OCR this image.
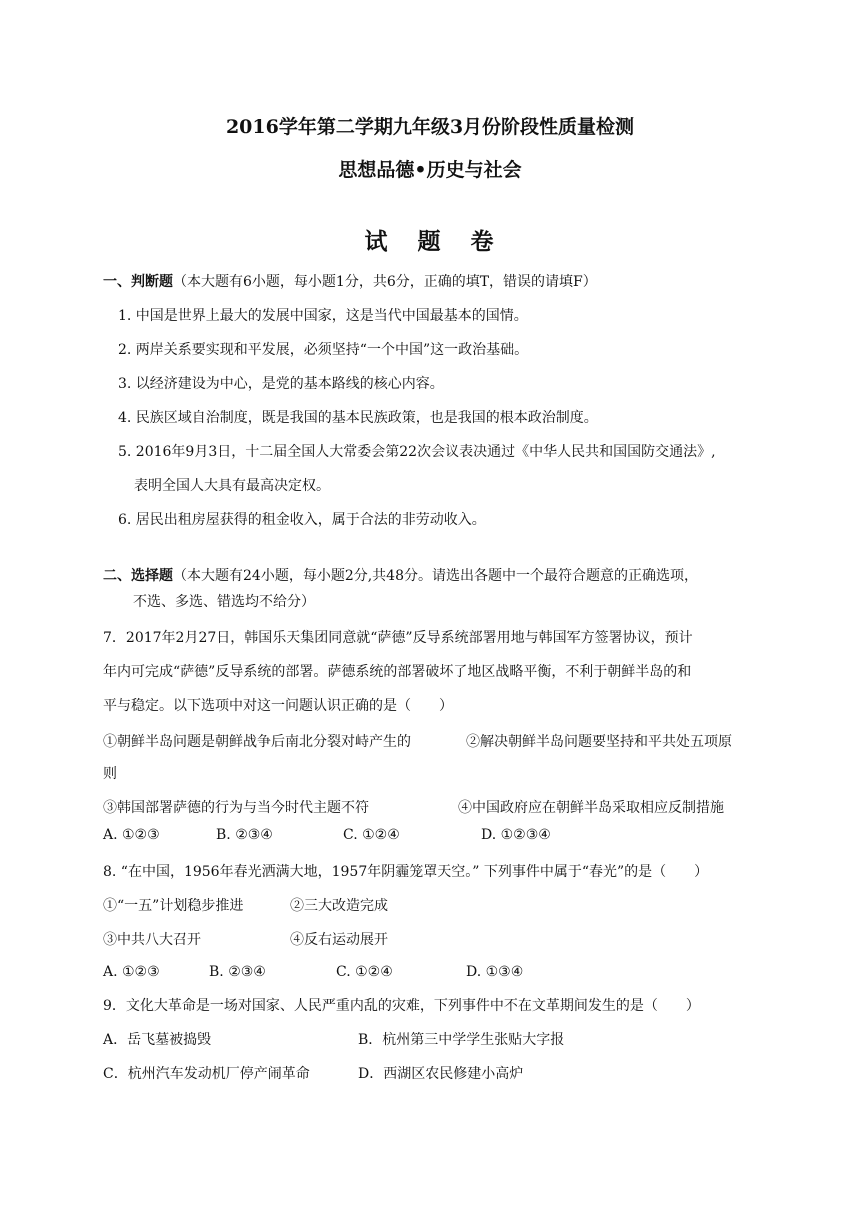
2016学年第二学期九年级3月份阶段性质量检测
思想品德•历史与社会
试 题 卷
一、判断题（本大题有6小题，每小题1分，共6分，正确的填T，错误的请填F）
1. 中国是世界上最大的发展中国家，这是当代中国最基本的国情。
2. 两岸关系要实现和平发展，必须坚持“一个中国”这一政治基础。
3. 以经济建设为中心，是党的基本路线的核心内容。
4. 民族区域自治制度，既是我国的基本民族政策，也是我国的根本政治制度。
5. 2016年9月3日，十二届全国人大常委会第22次会议表决通过《中华人民共和国国防交通法》,
表明全国人大具有最高决定权。
6. 居民出租房屋获得的租金收入，属于合法的非劳动收入。
二、选择题（本大题有24小题，每小题2分,共48分。请选出各题中一个最符合题意的正确选项，
不选、多选、错选均不给分）
7．2017年2月27日，韩国乐天集团同意就“萨德”反导系统部署用地与韩国军方签署协议，预计
年内可完成“萨德”反导系统的部署。萨德系统的部署破坏了地区战略平衡，不利于朝鲜半岛的和
平与稳定。以下选项中对这一问题认识正确的是（　　）
①朝鲜半岛问题是朝鲜战争后南北分裂对峙产生的	②解决朝鲜半岛问题要坚持和平共处五项原
则
③韩国部署萨德的行为与当今时代主题不符	④中国政府应在朝鲜半岛采取相应反制措施
A. ①②③	B. ②③④	C. ①②④	D. ①②③④
8. “在中国，1956年春光洒满大地，1957年阴霾笼罩天空。” 下列事件中属于“春光”的是（　　）
①“一五”计划稳步推进	②三大改造完成
③中共八大召开	④反右运动展开
A. ①②③	B. ②③④	C. ①②④	D. ①③④
9．文化大革命是一场对国家、人民严重内乱的灾难，下列事件中不在文革期间发生的是（　　）
A．岳飞墓被捣毁	B．杭州第三中学学生张贴大字报
C．杭州汽车发动机厂停产闹革命	D．西湖区农民修建小高炉
